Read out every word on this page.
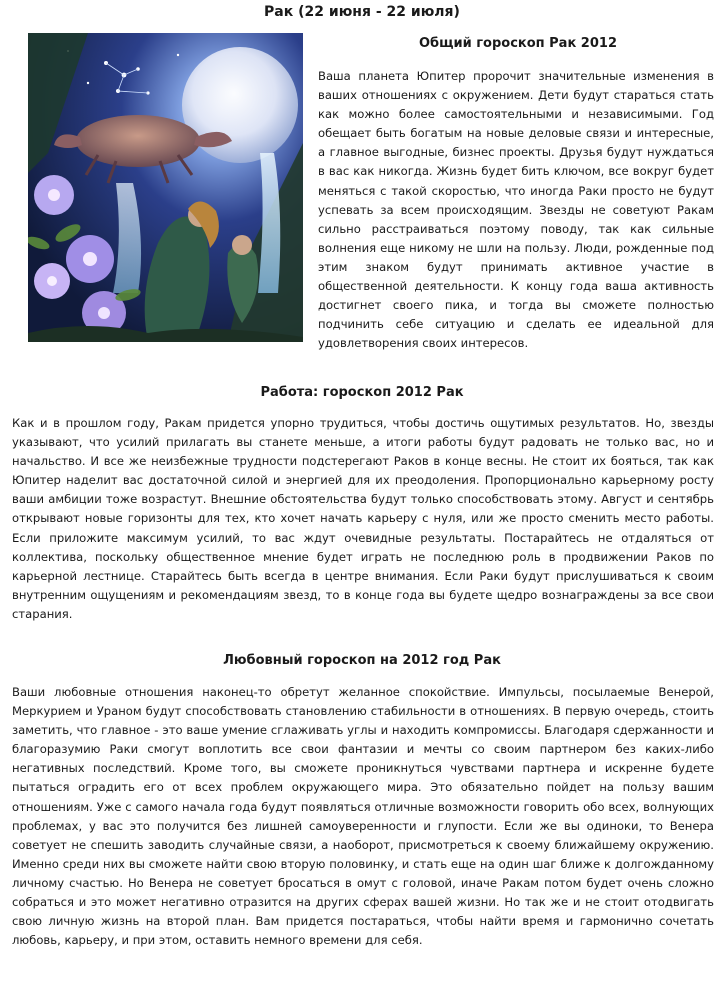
Рак (22 июня - 22 июля)
Общий гороскоп Рак 2012
Ваша планета Юпитер пророчит значительные изменения в ваших отношениях с окружением. Дети будут стараться стать как можно более самостоятельными и независимыми. Год обещает быть богатым на новые деловые связи и интересные, а главное выгодные, бизнес проекты. Друзья будут нуждаться в вас как никогда. Жизнь будет бить ключом, все вокруг будет меняться с такой скоростью, что иногда Раки просто не будут успевать за всем происходящим. Звезды не советуют Ракам сильно расстраиваться поэтому поводу, так как сильные волнения еще никому не шли на пользу. Люди, рожденные под этим знаком будут принимать активное участие в общественной деятельности. К концу года ваша активность достигнет своего пика, и тогда вы сможете полностью подчинить себе ситуацию и сделать ее идеальной для удовлетворения своих интересов.
Работа: гороскоп 2012 Рак

Как и в прошлом году, Ракам придется упорно трудиться, чтобы достичь ощутимых результатов. Но, звезды указывают, что усилий прилагать вы станете меньше, а итоги работы будут радовать не только вас, но и начальство. И все же неизбежные трудности подстерегают Раков в конце весны. Не стоит их бояться, так как Юпитер наделит вас достаточной силой и энергией для их преодоления. Пропорционально карьерному росту ваши амбиции тоже возрастут. Внешние обстоятельства будут только способствовать этому. Август и сентябрь открывают новые горизонты для тех, кто хочет начать карьеру с нуля, или же просто сменить место работы. Если приложите максимум усилий, то вас ждут очевидные результаты. Постарайтесь не отдаляться от коллектива, поскольку общественное мнение будет играть не последнюю роль в продвижении Раков по карьерной лестнице. Старайтесь быть всегда в центре внимания. Если Раки будут прислушиваться к своим внутренним ощущениям и рекомендациям звезд, то в конце года вы будете щедро вознаграждены за все свои старания.

Любовный гороскоп на 2012 год Рак

Ваши любовные отношения наконец-то обретут желанное спокойствие. Импульсы, посылаемые Венерой, Меркурием и Ураном будут способствовать становлению стабильности в отношениях. В первую очередь, стоить заметить, что главное - это ваше умение сглаживать углы и находить компромиссы. Благодаря сдержанности и благоразумию Раки смогут воплотить все свои фантазии и мечты со своим партнером без каких-либо негативных последствий. Кроме того, вы сможете проникнуться чувствами партнера и искренне будете пытаться оградить его от всех проблем окружающего мира. Это обязательно пойдет на пользу вашим отношениям. Уже с самого начала года будут появляться отличные возможности говорить обо всех, волнующих проблемах, у вас это получится без лишней самоуверенности и глупости. Если же вы одиноки, то Венера советует не спешить заводить случайные связи, а наоборот, присмотреться к своему ближайшему окружению. Именно среди них вы сможете найти свою вторую половинку, и стать еще на один шаг ближе к долгожданному личному счастью. Но Венера не советует бросаться в омут с головой, иначе Ракам потом будет очень сложно собраться и это может негативно отразится на других сферах вашей жизни. Но так же и не стоит отодвигать свою личную жизнь на второй план. Вам придется постараться, чтобы найти время и гармонично сочетать любовь, карьеру, и при этом, оставить немного времени для себя.
